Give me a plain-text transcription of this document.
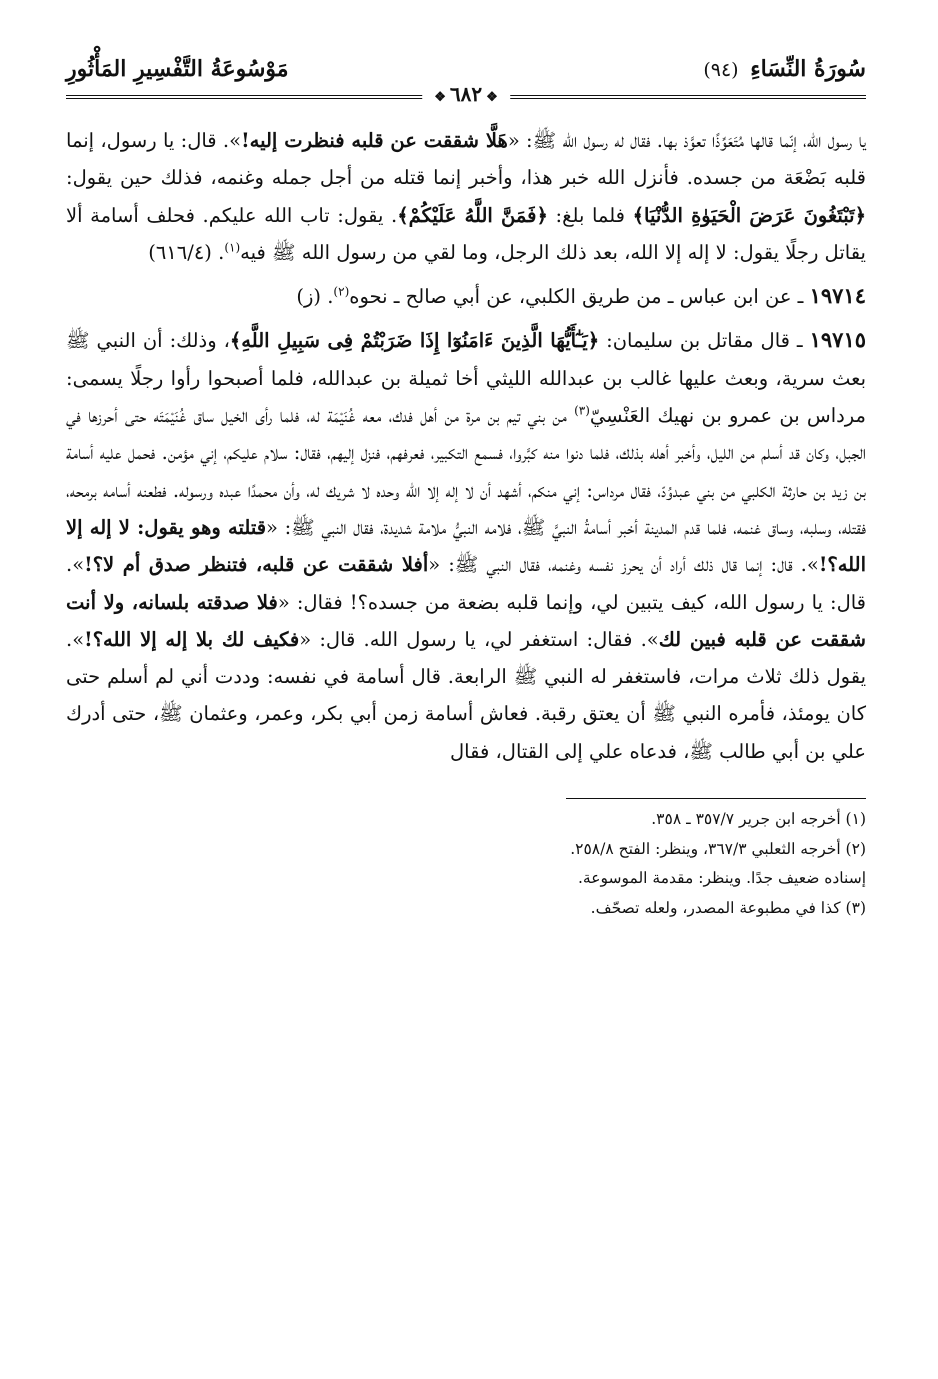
سُورَةُ النِّسَاءِ (٩٤)
مَوْسُوعَةُ التَّفْسِيرِ المَأْثُورِ
❖٦٨٢❖

يا رسول الله، إنّما قالها مُتَعَوِّذًا تعوَّذ بها. فقال له رسول الله ﷺ: «هَلَّا شققت عن قلبه فنظرت إليه!». قال: يا رسول، إنما قلبه بَضْعَة من جسده. فأنزل الله خبر هذا، وأخبر إنما قتله من أجل جمله وغنمه، فذلك حين يقول: ﴿تَبْتَغُونَ عَرَضَ الْحَيَوٰةِ الدُّنْيَا﴾ فلما بلغ: ﴿فَمَنَّ اللَّهُ عَلَيْكُمْ﴾. يقول: تاب الله عليكم. فحلف أسامة ألا يقاتل رجلًا يقول: لا إله إلا الله، بعد ذلك الرجل، وما لقي من رسول الله ﷺ فيه$^{(١)}$. (٦١٦/٤)

١٩٧١٤ ـ عن ابن عباس ـ من طريق الكلبي، عن أبي صالح ـ نحوه$^{(٢)}$. (ز)

١٩٧١٥ ـ قال مقاتل بن سليمان: ﴿يَـٰٓأَيُّهَا الَّذِينَ ءَامَنُوٓا إِذَا ضَرَبْتُمْ فِى سَبِيلِ اللَّهِ﴾، وذلك: أن النبي ﷺ بعث سرية، وبعث عليها غالب بن عبدالله الليثي أخا ثميلة بن عبدالله، فلما أصبحوا رأوا رجلًا يسمى: مرداس بن عمرو بن نهيك العَنْسِيّ$^{(٣)}$ من بني تيم بن مرة من أهل فدك، معه غُنَيْمَة له، فلما رأى الخيل ساق غُنَيْمَتَه حتى أحرزها في الجبل، وكان قد أسلم من الليل، وأخبر أهله بذلك، فلما دنوا منه كبَّروا، فسمع التكبير، فعرفهم، فنزل إليهم، فقال: سلام عليكم، إني مؤمن. فحمل عليه أسامة بن زيد بن حارثة الكلبي من بني عبدوُدّ، فقال مرداس: إني منكم، أشهد أن لا إله إلا الله وحده لا شريك له، وأن محمدًا عبده ورسوله. فطعنه أسامه برمحه، فقتله، وسلبه، وساق غنمه، فلما قدم المدينة أخبر أسامةُ النبيَّ ﷺ، فلامه النبيُّ ملامة شديدة، فقال النبي ﷺ: «قتلته وهو يقول: لا إله إلا الله؟!». قال: إنما قال ذلك أراد أن يحرز نفسه وغنمه، فقال النبي ﷺ: «أفلا شققت عن قلبه، فتنظر صدق أم لا؟!». قال: يا رسول الله، كيف يتبين لي، وإنما قلبه بضعة من جسده؟! فقال: «فلا صدقته بلسانه، ولا أنت شققت عن قلبه فبين لك». فقال: استغفر لي، يا رسول الله. قال: «فكيف لك بلا إله إلا الله؟!». يقول ذلك ثلاث مرات، فاستغفر له النبي ﷺ الرابعة. قال أسامة في نفسه: وددت أني لم أسلم حتى كان يومئذ، فأمره النبي ﷺ أن يعتق رقبة. فعاش أسامة زمن أبي بكر، وعمر، وعثمان ﷺ، حتى أدرك علي بن أبي طالب ﷺ، فدعاه علي إلى القتال، فقال

(١) أخرجه ابن جرير ٣٥٧/٧ ـ ٣٥٨.

(٢) أخرجه الثعلبي ٣٦٧/٣، وينظر: الفتح ٢٥٨/٨.

إسناده ضعيف جدًا. وينظر: مقدمة الموسوعة.

(٣) كذا في مطبوعة المصدر، ولعله تصحّف.
